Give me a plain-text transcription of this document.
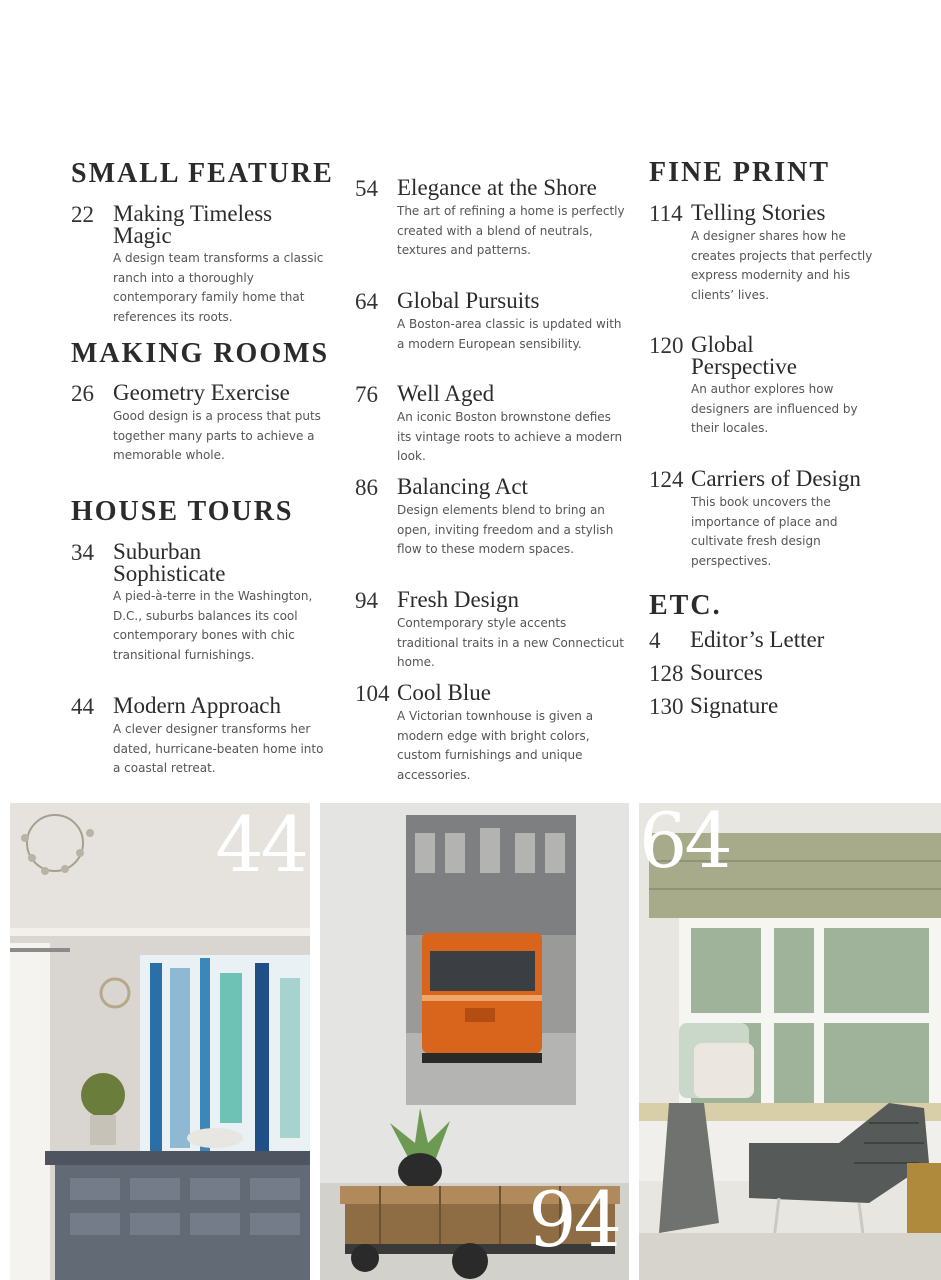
SMALL FEATURE
22 Making Timeless Magic
A design team transforms a classic ranch into a thoroughly contemporary family home that references its roots.
MAKING ROOMS
26 Geometry Exercise
Good design is a process that puts together many parts to achieve a memorable whole.
HOUSE TOURS
34 Suburban Sophisticate
A pied-à-terre in the Washington, D.C., suburbs balances its cool contemporary bones with chic transitional furnishings.
44 Modern Approach
A clever designer transforms her dated, hurricane-beaten home into a coastal retreat.
54 Elegance at the Shore
The art of refining a home is perfectly created with a blend of neutrals, textures and patterns.
64 Global Pursuits
A Boston-area classic is updated with a modern European sensibility.
76 Well Aged
An iconic Boston brownstone defies its vintage roots to achieve a modern look.
86 Balancing Act
Design elements blend to bring an open, inviting freedom and a stylish flow to these modern spaces.
94 Fresh Design
Contemporary style accents traditional traits in a new Connecticut home.
104 Cool Blue
A Victorian townhouse is given a modern edge with bright colors, custom furnishings and unique accessories.
FINE PRINT
114 Telling Stories
A designer shares how he creates projects that perfectly express modernity and his clients’ lives.
120 Global Perspective
An author explores how designers are influenced by their locales.
124 Carriers of Design
This book uncovers the importance of place and cultivate fresh design perspectives.
ETC.
4	Editor’s Letter
128 Sources
130 Signature
44
94
64
